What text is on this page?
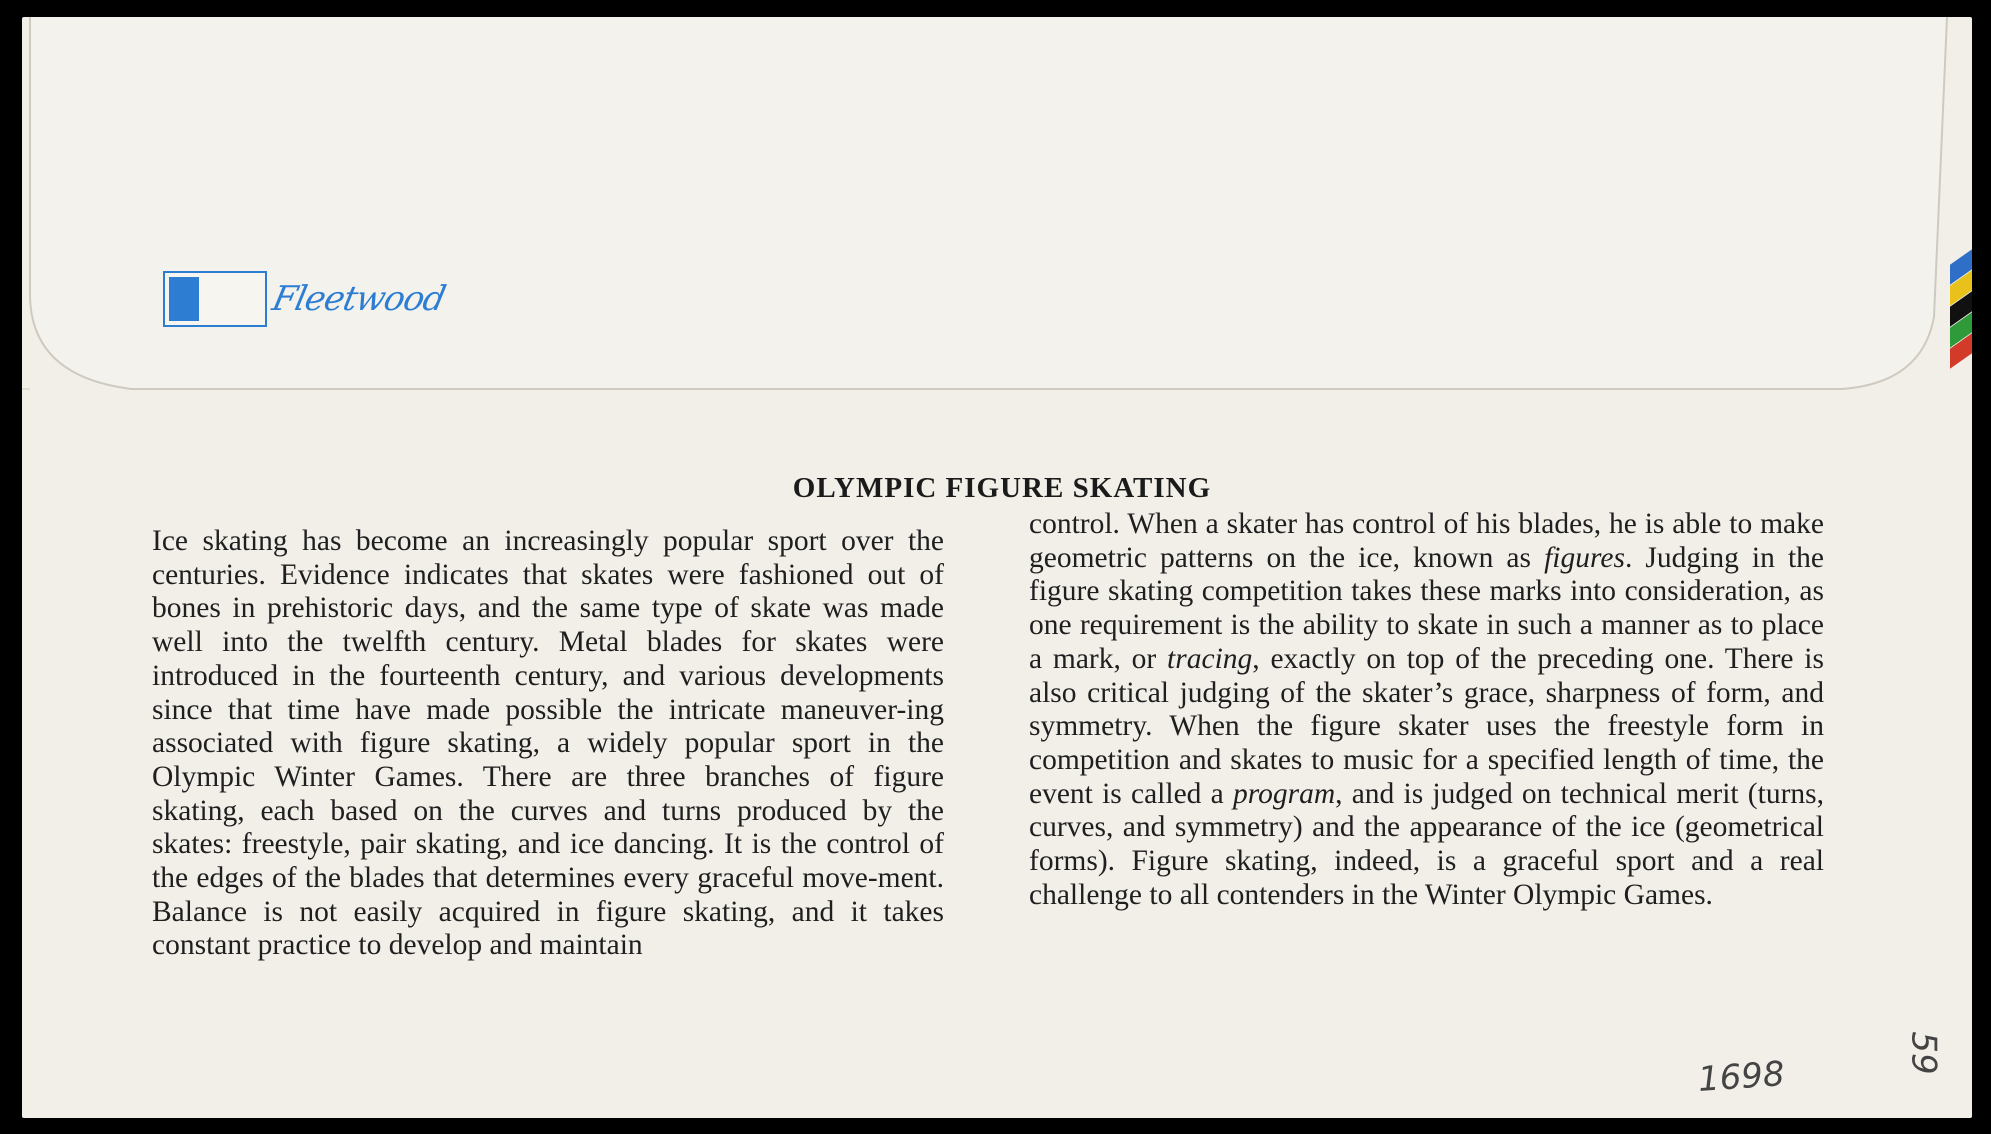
Fleetwood
OLYMPIC FIGURE SKATING
Ice skating has become an increasingly popular sport over the centuries. Evidence indicates that skates were fashioned out of bones in prehistoric days, and the same type of skate was made well into the twelfth century. Metal blades for skates were introduced in the fourteenth century, and various developments since that time have made possible the intricate maneuver-ing associated with figure skating, a widely popular sport in the Olympic Winter Games. There are three branches of figure skating, each based on the curves and turns produced by the skates: freestyle, pair skating, and ice dancing. It is the control of the edges of the blades that determines every graceful move-ment. Balance is not easily acquired in figure skating, and it takes constant practice to develop and maintain
control. When a skater has control of his blades, he is able to make geometric patterns on the ice, known as figures. Judging in the figure skating competition takes these marks into consideration, as one requirement is the ability to skate in such a manner as to place a mark, or tracing, exactly on top of the preceding one. There is also critical judging of the skater’s grace, sharpness of form, and symmetry. When the figure skater uses the freestyle form in competition and skates to music for a specified length of time, the event is called a program, and is judged on technical merit (turns, curves, and symmetry) and the appearance of the ice (geometrical forms). Figure skating, indeed, is a graceful sport and a real challenge to all contenders in the Winter Olympic Games.
1698
59
